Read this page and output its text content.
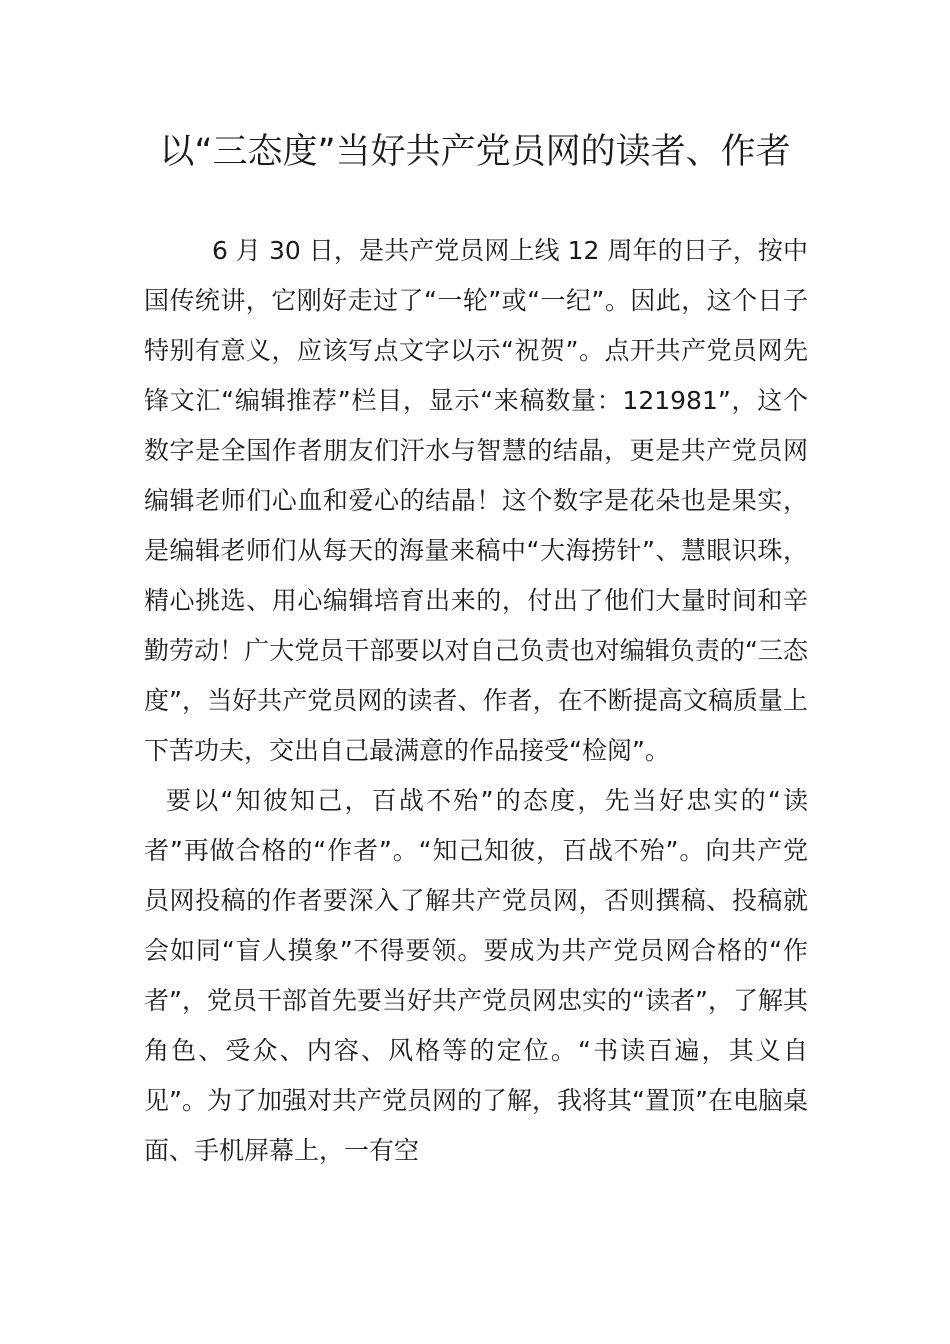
以“三态度”当好共产党员网的读者、作者

6 月 30 日，是共产党员网上线 12 周年的日子，按中国传统讲，它刚好走过了“一轮”或“一纪”。因此，这个日子特别有意义，应该写点文字以示“祝贺”。点开共产党员网先锋文汇“编辑推荐”栏目，显示“来稿数量：121981”，这个数字是全国作者朋友们汗水与智慧的结晶，更是共产党员网编辑老师们心血和爱心的结晶！这个数字是花朵也是果实，是编辑老师们从每天的海量来稿中“大海捞针”、慧眼识珠，精心挑选、用心编辑培育出来的，付出了他们大量时间和辛勤劳动！广大党员干部要以对自己负责也对编辑负责的“三态度”，当好共产党员网的读者、作者，在不断提高文稿质量上下苦功夫，交出自己最满意的作品接受“检阅”。

要以“知彼知己，百战不殆”的态度，先当好忠实的“读者”再做合格的“作者”。“知己知彼，百战不殆”。向共产党员网投稿的作者要深入了解共产党员网，否则撰稿、投稿就会如同“盲人摸象”不得要领。要成为共产党员网合格的“作者”，党员干部首先要当好共产党员网忠实的“读者”，了解其角色、受众、内容、风格等的定位。“书读百遍，其义自见”。为了加强对共产党员网的了解，我将其“置顶”在电脑桌面、手机屏幕上，一有空
